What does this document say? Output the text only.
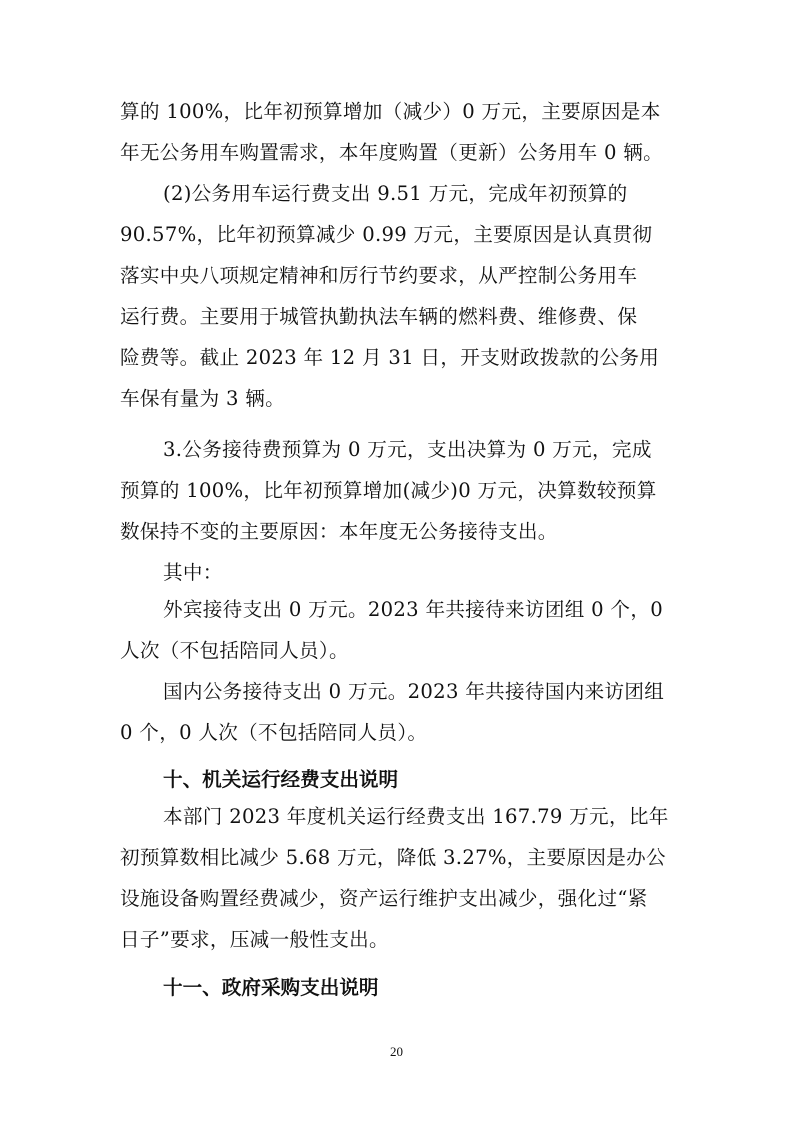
算的 100%，比年初预算增加（减少）0 万元，主要原因是本
年无公务用车购置需求，本年度购置（更新）公务用车 0 辆。
(2)公务用车运行费支出 9.51 万元，完成年初预算的
90.57%，比年初预算减少 0.99 万元，主要原因是认真贯彻
落实中央八项规定精神和厉行节约要求，从严控制公务用车
运行费。主要用于城管执勤执法车辆的燃料费、维修费、保
险费等。截止 2023 年 12 月 31 日，开支财政拨款的公务用
车保有量为 3 辆。
3.公务接待费预算为 0 万元，支出决算为 0 万元，完成
预算的 100%，比年初预算增加(减少)0 万元，决算数较预算
数保持不变的主要原因：本年度无公务接待支出。
其中：
外宾接待支出 0 万元。2023 年共接待来访团组 0 个，0
人次（不包括陪同人员）。
国内公务接待支出 0 万元。2023 年共接待国内来访团组
0 个，0 人次（不包括陪同人员）。
十、机关运行经费支出说明
本部门 2023 年度机关运行经费支出 167.79 万元，比年
初预算数相比减少 5.68 万元，降低 3.27%，主要原因是办公
设施设备购置经费减少，资产运行维护支出减少，强化过“紧
日子”要求，压减一般性支出。
十一、政府采购支出说明
20
